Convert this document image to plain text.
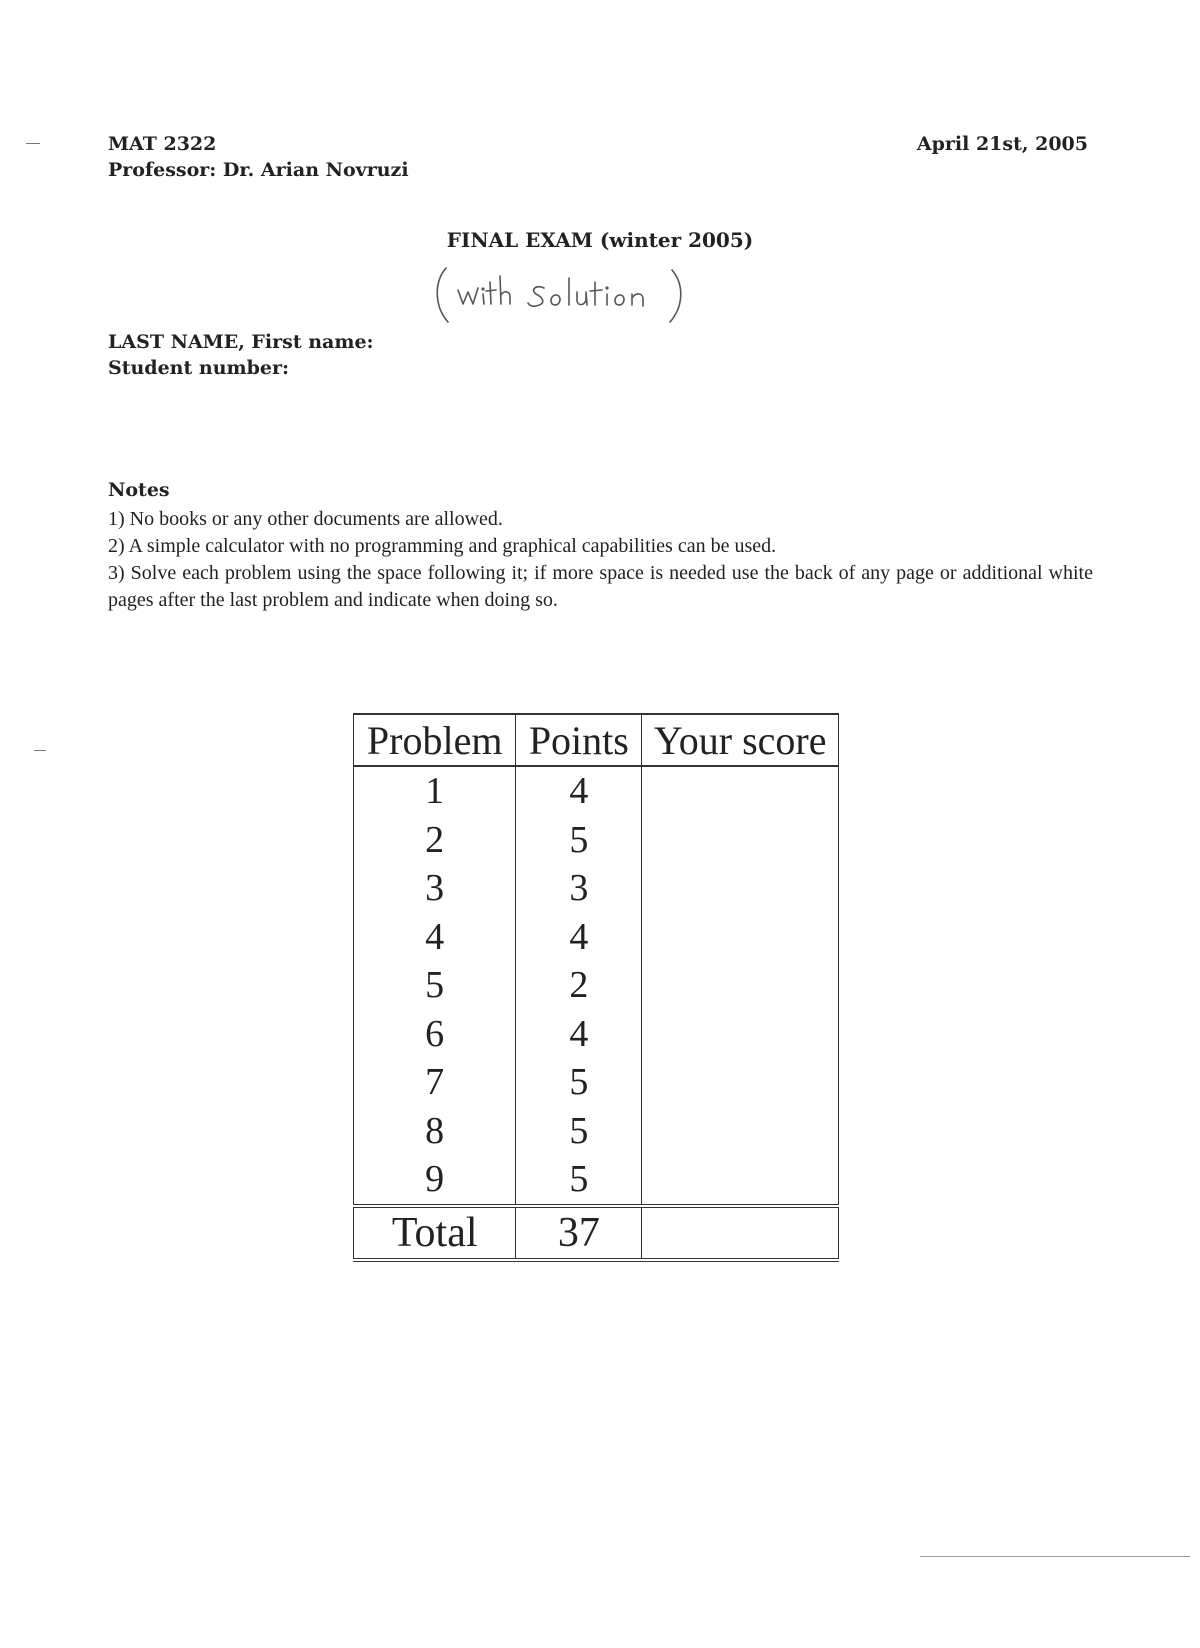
MAT 2322
Professor: Dr. Arian Novruzi
April 21st, 2005
FINAL EXAM (winter 2005)
LAST NAME, First name:
Student number:
Notes
1) No books or any other documents are allowed.
2) A simple calculator with no programming and graphical capabilities can be used.
3) Solve each problem using the space following it; if more space is needed use the back of any page or additional white pages after the last problem and indicate when doing so.
Problem	Points	Your score
1	4	
2	5	
3	3	
4	4	
5	2	
6	4	
7	5	
8	5	
9	5	
Total	37	
